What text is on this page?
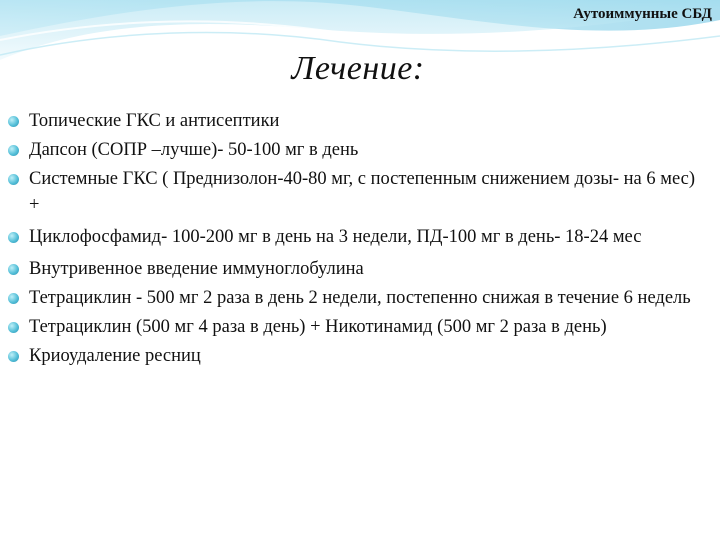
Аутоиммунные СБД
Лечение:
Топические ГКС и антисептики
Дапсон (СОПР –лучше)- 50-100 мг в день
Системные ГКС ( Преднизолон-40-80 мг, с постепенным снижением дозы- на 6 мес) +
Циклофосфамид- 100-200 мг в день на 3 недели, ПД-100 мг в день- 18-24 мес
Внутривенное введение иммуноглобулина
Тетрациклин - 500 мг 2 раза в день 2 недели, постепенно снижая в течение 6 недель
Тетрациклин (500 мг 4 раза в день) + Никотинамид (500 мг 2 раза в день)
Криоудаление ресниц
